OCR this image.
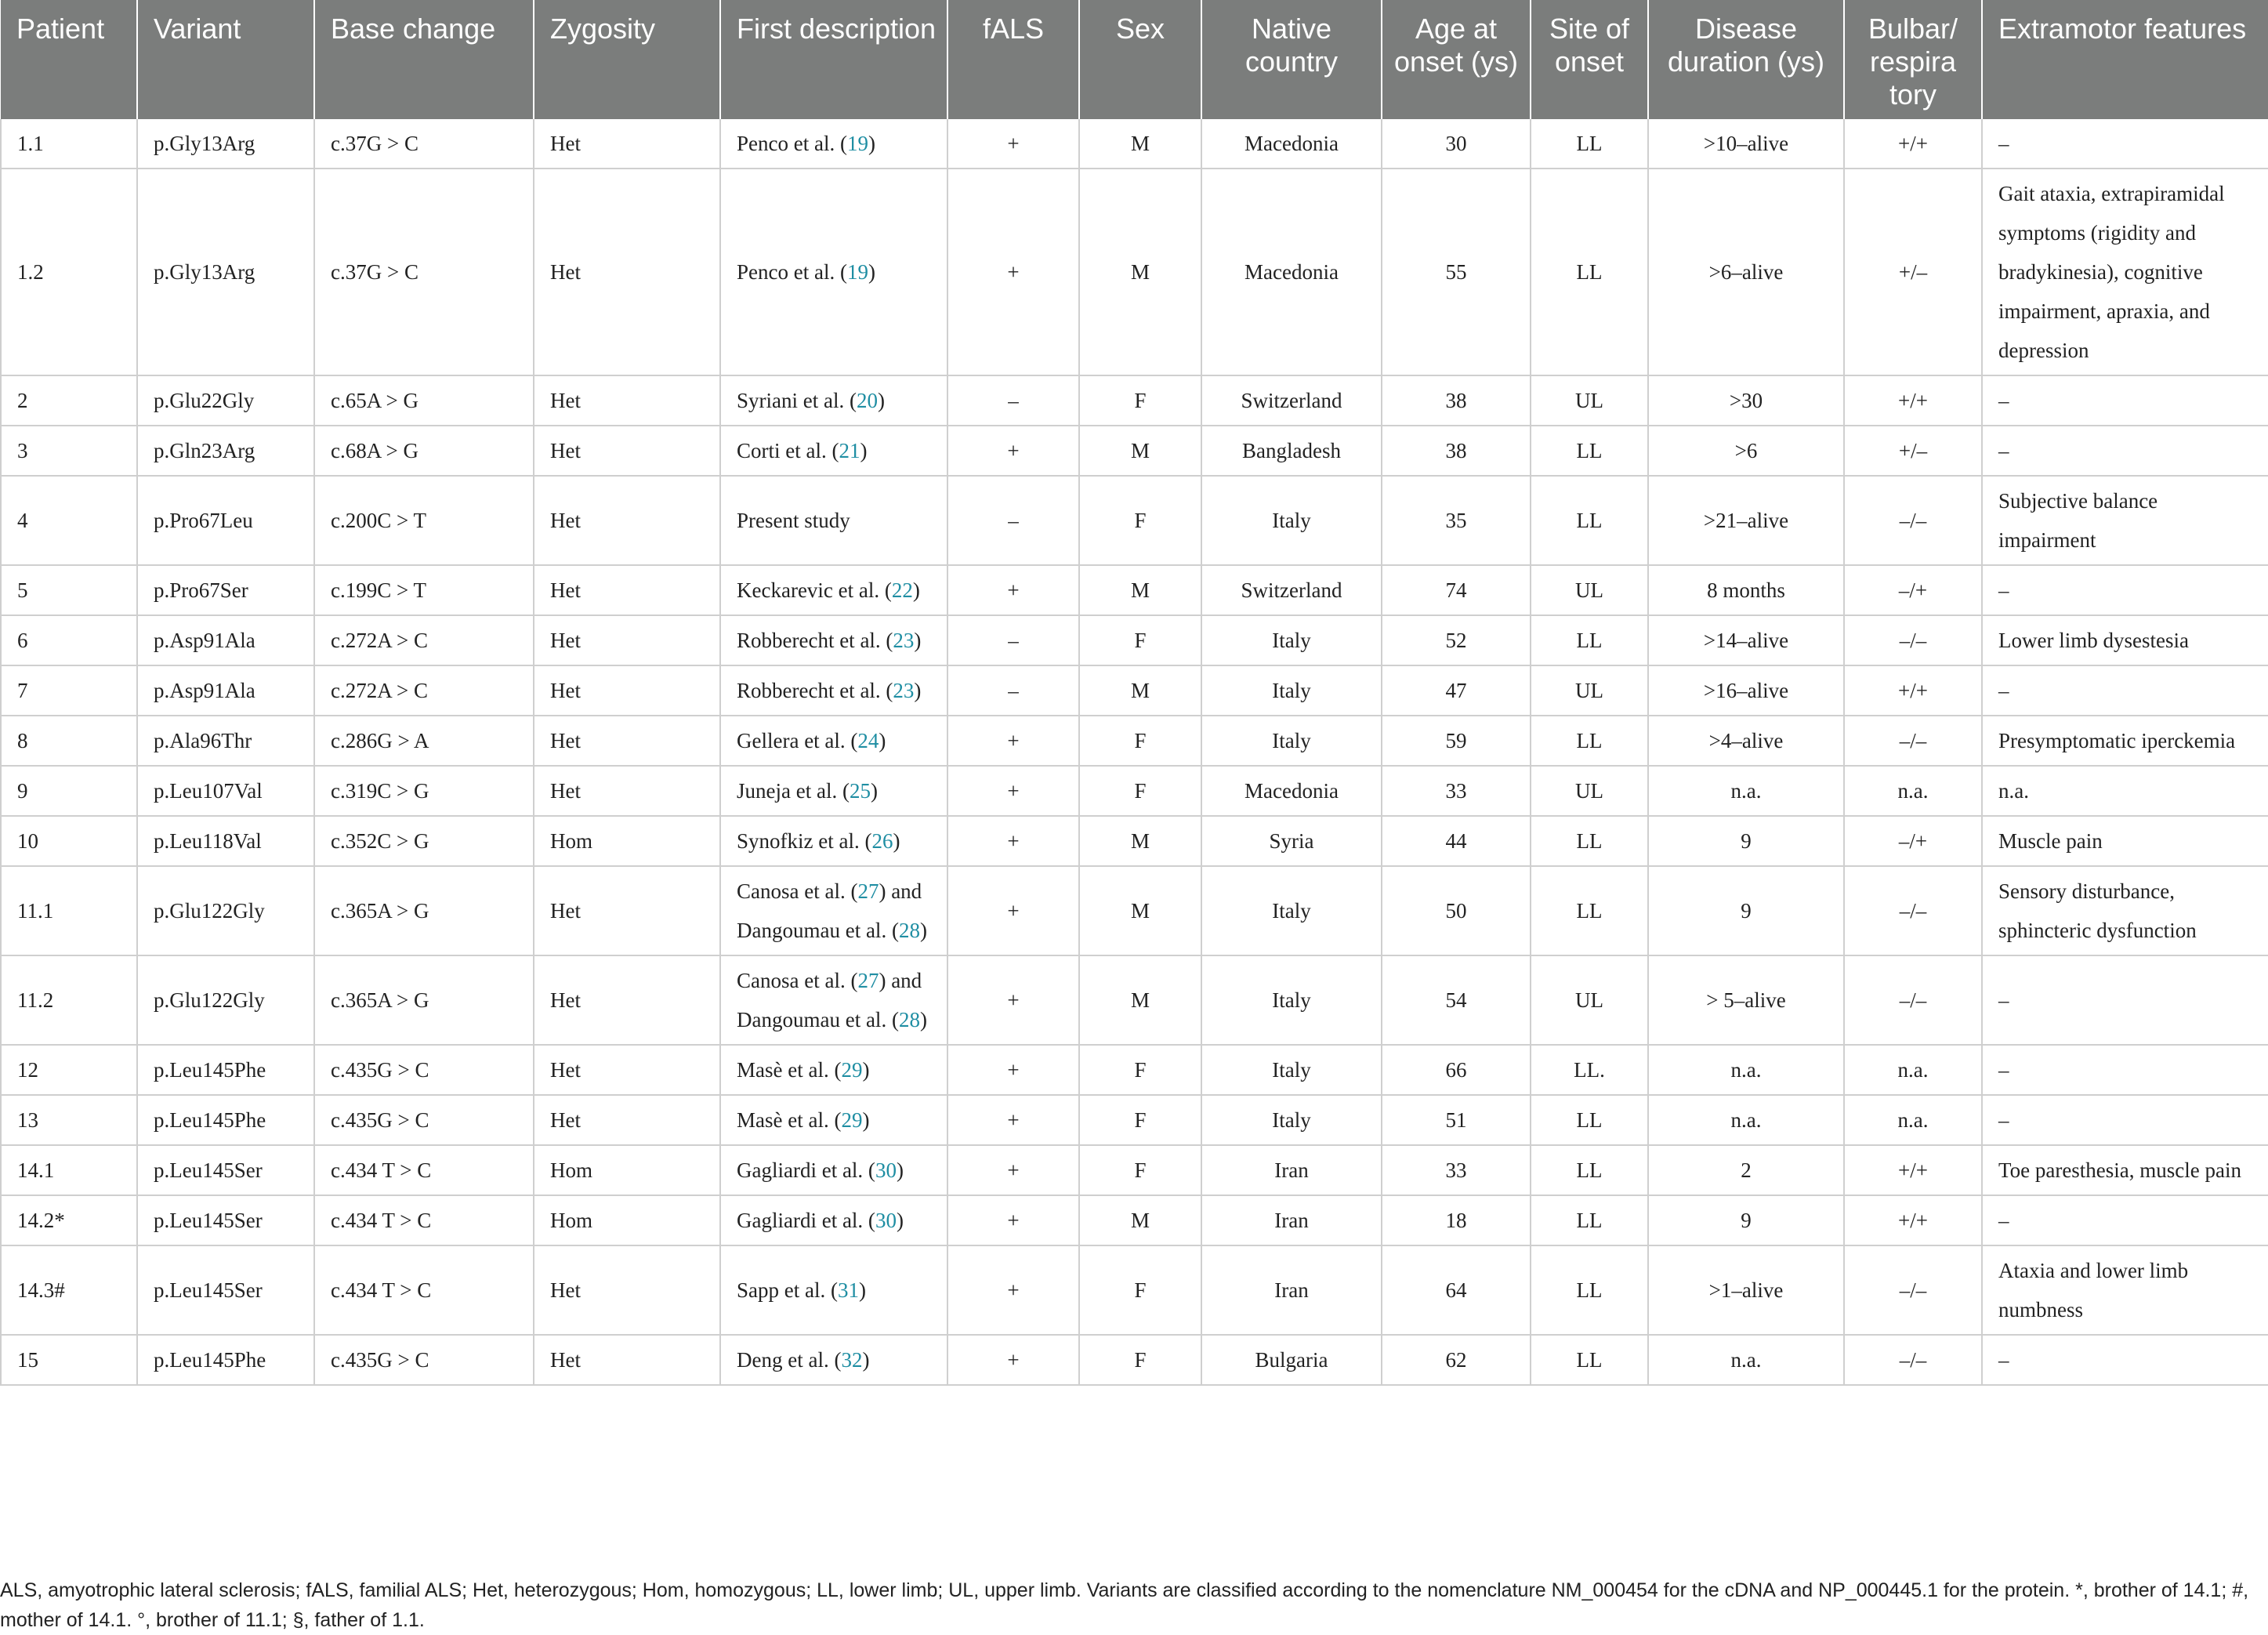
Patient	Variant	Base change	Zygosity	First description	fALS	Sex	Native country	Age at onset (ys)	Site of onset	Disease duration (ys)	Bulbar/ respira tory	Extramotor features
1.1	p.Gly13Arg	c.37G > C	Het	Penco et al. (19)	+	M	Macedonia	30	LL	>10–alive	+/+	–
1.2	p.Gly13Arg	c.37G > C	Het	Penco et al. (19)	+	M	Macedonia	55	LL	>6–alive	+/–	Gait ataxia, extrapiramidal symptoms (rigidity and bradykinesia), cognitive impairment, apraxia, and depression
2	p.Glu22Gly	c.65A > G	Het	Syriani et al. (20)	–	F	Switzerland	38	UL	>30	+/+	–
3	p.Gln23Arg	c.68A > G	Het	Corti et al. (21)	+	M	Bangladesh	38	LL	>6	+/–	–
4	p.Pro67Leu	c.200C > T	Het	Present study	–	F	Italy	35	LL	>21–alive	–/–	Subjective balance impairment
5	p.Pro67Ser	c.199C > T	Het	Keckarevic et al. (22)	+	M	Switzerland	74	UL	8 months	–/+	–
6	p.Asp91Ala	c.272A > C	Het	Robberecht et al. (23)	–	F	Italy	52	LL	>14–alive	–/–	Lower limb dysestesia
7	p.Asp91Ala	c.272A > C	Het	Robberecht et al. (23)	–	M	Italy	47	UL	>16–alive	+/+	–
8	p.Ala96Thr	c.286G > A	Het	Gellera et al. (24)	+	F	Italy	59	LL	>4–alive	–/–	Presymptomatic iperckemia
9	p.Leu107Val	c.319C > G	Het	Juneja et al. (25)	+	F	Macedonia	33	UL	n.a.	n.a.	n.a.
10	p.Leu118Val	c.352C > G	Hom	Synofkiz et al. (26)	+	M	Syria	44	LL	9	–/+	Muscle pain
11.1	p.Glu122Gly	c.365A > G	Het	Canosa et al. (27) and Dangoumau et al. (28)	+	M	Italy	50	LL	9	–/–	Sensory disturbance, sphincteric dysfunction
11.2	p.Glu122Gly	c.365A > G	Het	Canosa et al. (27) and Dangoumau et al. (28)	+	M	Italy	54	UL	> 5–alive	–/–	–
12	p.Leu145Phe	c.435G > C	Het	Masè et al. (29)	+	F	Italy	66	LL.	n.a.	n.a.	–
13	p.Leu145Phe	c.435G > C	Het	Masè et al. (29)	+	F	Italy	51	LL	n.a.	n.a.	–
14.1	p.Leu145Ser	c.434 T > C	Hom	Gagliardi et al. (30)	+	F	Iran	33	LL	2	+/+	Toe paresthesia, muscle pain
14.2*	p.Leu145Ser	c.434 T > C	Hom	Gagliardi et al. (30)	+	M	Iran	18	LL	9	+/+	–
14.3#	p.Leu145Ser	c.434 T > C	Het	Sapp et al. (31)	+	F	Iran	64	LL	>1–alive	–/–	Ataxia and lower limb numbness
15	p.Leu145Phe	c.435G > C	Het	Deng et al. (32)	+	F	Bulgaria	62	LL	n.a.	–/–	–
ALS, amyotrophic lateral sclerosis; fALS, familial ALS; Het, heterozygous; Hom, homozygous; LL, lower limb; UL, upper limb. Variants are classified according to the nomenclature NM_000454 for the cDNA and NP_000445.1 for the protein. *, brother of 14.1; #, mother of 14.1. °, brother of 11.1; §, father of 1.1.
